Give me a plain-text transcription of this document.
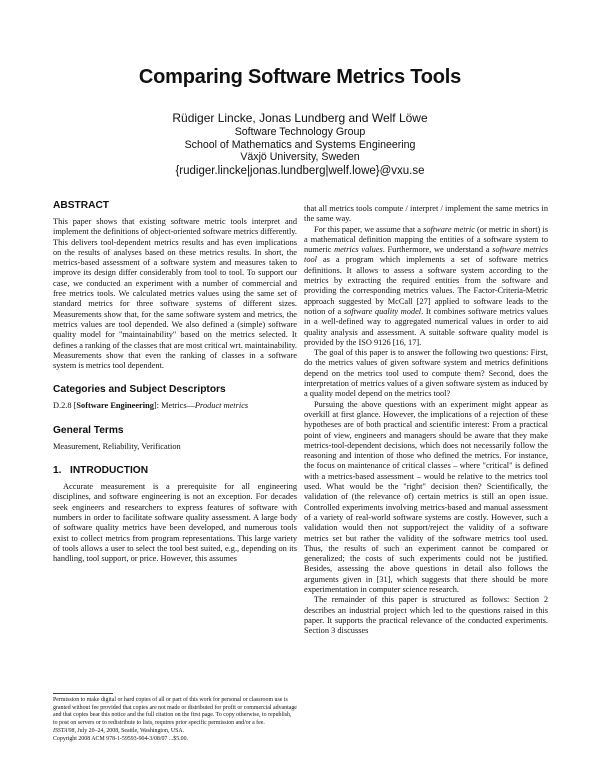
Comparing Software Metrics Tools
Rüdiger Lincke, Jonas Lundberg and Welf Löwe
Software Technology Group
School of Mathematics and Systems Engineering
Växjö University, Sweden
{rudiger.lincke|jonas.lundberg|welf.lowe}@vxu.se
ABSTRACT

This paper shows that existing software metric tools interpret and implement the definitions of object-oriented software metrics differently. This delivers tool-dependent metrics results and has even implications on the results of analyses based on these metrics results. In short, the metrics-based assessment of a software system and measures taken to improve its design differ considerably from tool to tool. To support our case, we conducted an experiment with a number of commercial and free metrics tools. We calculated metrics values using the same set of standard metrics for three software systems of different sizes. Measurements show that, for the same software system and metrics, the metrics values are tool depended. We also defined a (simple) software quality model for "maintainability" based on the metrics selected. It defines a ranking of the classes that are most critical wrt. maintainability. Measurements show that even the ranking of classes in a software system is metrics tool dependent.

Categories and Subject Descriptors

D.2.8 [Software Engineering]: Metrics—Product metrics

General Terms

Measurement, Reliability, Verification

1.   INTRODUCTION

Accurate measurement is a prerequisite for all engineering disciplines, and software engineering is not an exception. For decades seek engineers and researchers to express features of software with numbers in order to facilitate software quality assessment. A large body of software quality metrics have been developed, and numerous tools exist to collect metrics from program representations. This large variety of tools allows a user to select the tool best suited, e.g., depending on its handling, tool support, or price. However, this assumes

Permission to make digital or hard copies of all or part of this work for personal or classroom use is granted without fee provided that copies are not made or distributed for profit or commercial advantage and that copies bear this notice and the full citation on the first page. To copy otherwise, to republish, to post on servers or to redistribute to lists, requires prior specific permission and/or a fee.

ISSTA'08, July 20–24, 2008, Seattle, Washington, USA.

Copyright 2008 ACM 978-1-59593-904-3/08/07 ...$5.00.

that all metrics tools compute / interpret / implement the same metrics in the same way.

For this paper, we assume that a software metric (or metric in short) is a mathematical definition mapping the entities of a software system to numeric metrics values. Furthermore, we understand a software metrics tool as a program which implements a set of software metrics definitions. It allows to assess a software system according to the metrics by extracting the required entities from the software and providing the corresponding metrics values. The Factor-Criteria-Metric approach suggested by McCall [27] applied to software leads to the notion of a software quality model. It combines software metrics values in a well-defined way to aggregated numerical values in order to aid quality analysis and assessment. A suitable software quality model is provided by the ISO 9126 [16, 17].

The goal of this paper is to answer the following two questions: First, do the metrics values of given software system and metrics definitions depend on the metrics tool used to compute them? Second, does the interpretation of metrics values of a given software system as induced by a quality model depend on the metrics tool?

Pursuing the above questions with an experiment might appear as overkill at first glance. However, the implications of a rejection of these hypotheses are of both practical and scientific interest: From a practical point of view, engineers and managers should be aware that they make metrics-tool-dependent decisions, which does not necessarily follow the reasoning and intention of those who defined the metrics. For instance, the focus on maintenance of critical classes – where "critical" is defined with a metrics-based assessment – would be relative to the metrics tool used. What would be the "right" decision then? Scientifically, the validation of (the relevance of) certain metrics is still an open issue. Controlled experiments involving metrics-based and manual assessment of a variety of real-world software systems are costly. However, such a validation would then not support/reject the validity of a software metrics set but rather the validity of the software metrics tool used. Thus, the results of such an experiment cannot be compared or generalized; the costs of such experiments could not be justified. Besides, assessing the above questions in detail also follows the arguments given in [31], which suggests that there should be more experimentation in computer science research.

The remainder of this paper is structured as follows: Section 2 describes an industrial project which led to the questions raised in this paper. It supports the practical relevance of the conducted experiments. Section 3 discusses
